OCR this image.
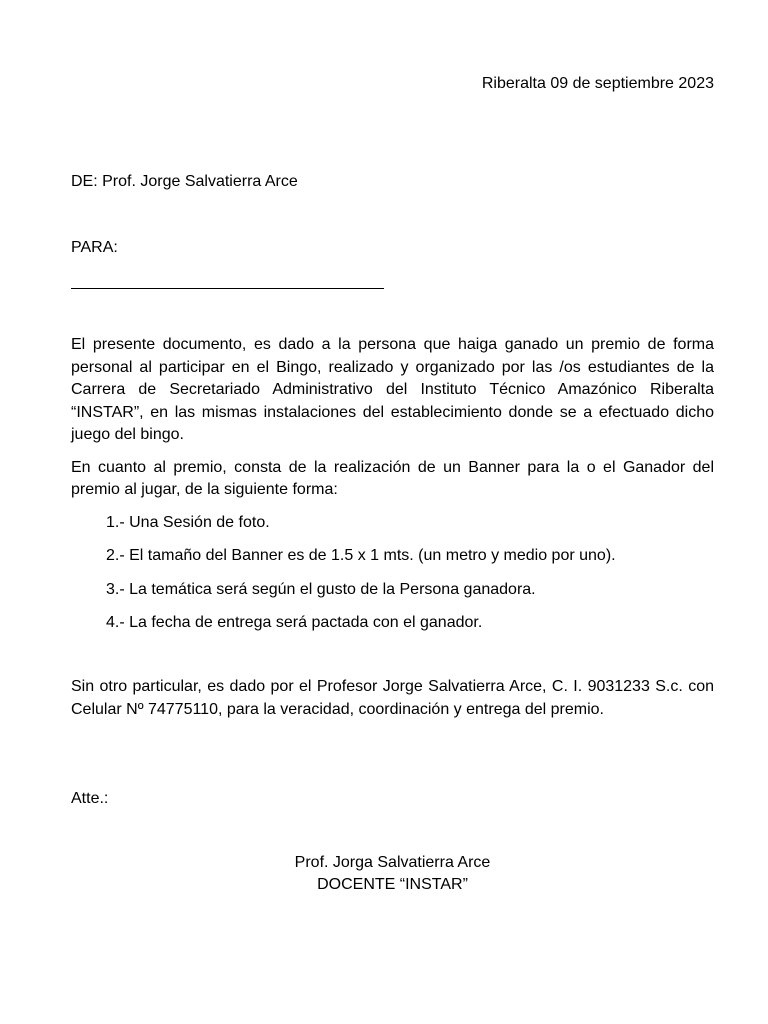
Riberalta 09 de septiembre 2023
DE: Prof. Jorge Salvatierra Arce
PARA:

El presente documento, es dado a la persona que haiga ganado un premio de forma personal al participar en el Bingo, realizado y organizado por las /os estudiantes de la Carrera de Secretariado Administrativo del Instituto Técnico Amazónico Riberalta “INSTAR”, en las mismas instalaciones del establecimiento donde se a efectuado dicho juego del bingo.

En cuanto al premio, consta de la realización de un Banner para la o el Ganador del premio al jugar, de la siguiente forma:

1.- Una Sesión de foto.
2.- El tamaño del Banner es de 1.5 x 1 mts. (un metro y medio por uno).
3.- La temática será según el gusto de la Persona ganadora.
4.- La fecha de entrega será pactada con el ganador.

Sin otro particular, es dado por el Profesor Jorge Salvatierra Arce, C. I. 9031233 S.c. con Celular Nº 74775110, para la veracidad, coordinación y entrega del premio.

Atte.:
Prof. Jorga Salvatierra Arce
DOCENTE “INSTAR”
